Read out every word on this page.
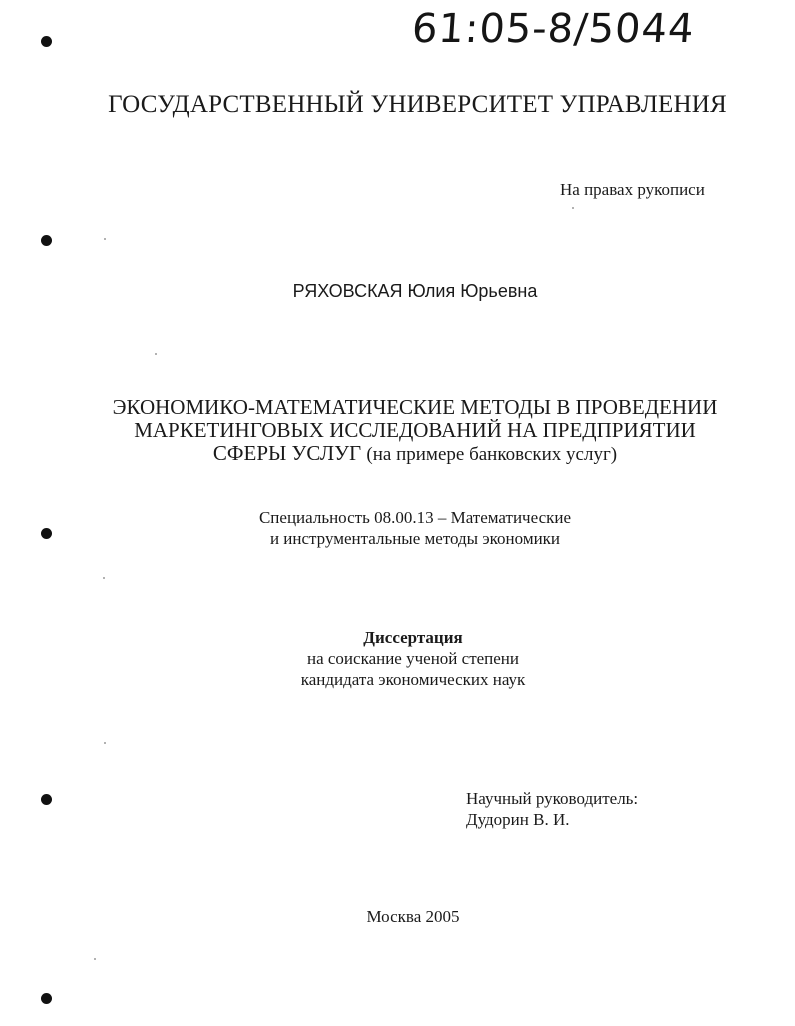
61:05-8/5044
ГОСУДАРСТВЕННЫЙ УНИВЕРСИТЕТ УПРАВЛЕНИЯ
На правах рукописи
РЯХОВСКАЯ Юлия Юрьевна
ЭКОНОМИКО-МАТЕМАТИЧЕСКИЕ МЕТОДЫ В ПРОВЕДЕНИИ
МАРКЕТИНГОВЫХ ИССЛЕДОВАНИЙ НА ПРЕДПРИЯТИИ
СФЕРЫ УСЛУГ (на примере банковских услуг)
Специальность 08.00.13 – Математические
и инструментальные методы экономики
Диссертация
на соискание ученой степени
кандидата экономических наук
Научный руководитель:
Дудорин В. И.
Москва 2005
